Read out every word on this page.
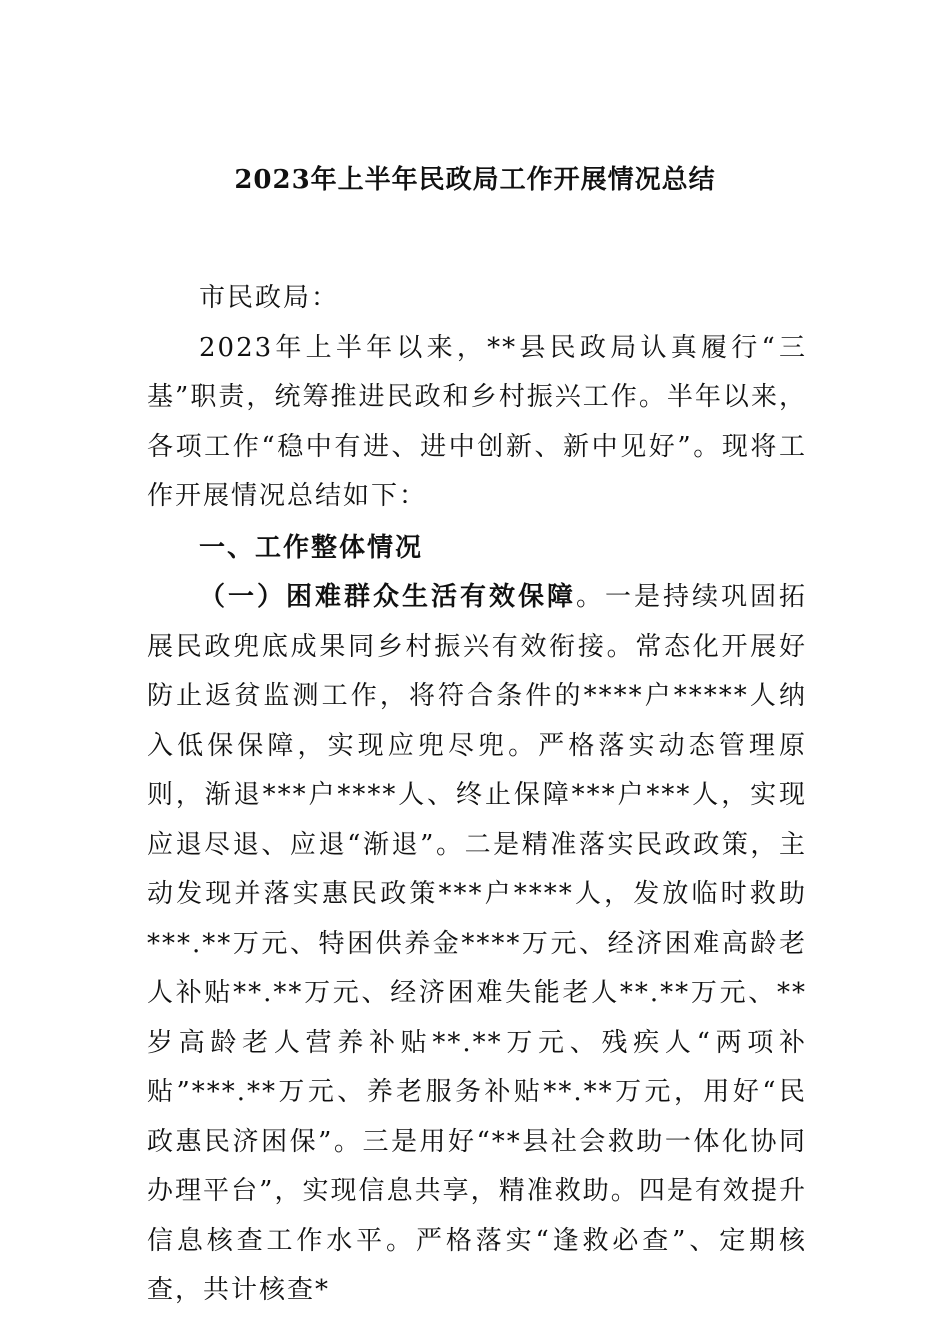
2023年上半年民政局工作开展情况总结

市民政局：

2023年上半年以来，**县民政局认真履行“三基”职责，统筹推进民政和乡村振兴工作。半年以来，各项工作“稳中有进、进中创新、新中见好”。现将工作开展情况总结如下：

一、工作整体情况

（一）困难群众生活有效保障。一是持续巩固拓展民政兜底成果同乡村振兴有效衔接。常态化开展好防止返贫监测工作，将符合条件的****户*****人纳入低保保障，实现应兜尽兜。严格落实动态管理原则，渐退***户****人、终止保障***户***人，实现应退尽退、应退“渐退”。二是精准落实民政政策，主动发现并落实惠民政策***户****人，发放临时救助***.**万元、特困供养金****万元、经济困难高龄老人补贴**.**万元、经济困难失能老人**.**万元、**岁高龄老人营养补贴**.**万元、残疾人“两项补贴”***.**万元、养老服务补贴**.**万元，用好“民政惠民济困保”。三是用好“**县社会救助一体化协同办理平台”，实现信息共享，精准救助。四是有效提升信息核查工作水平。严格落实“逢救必查”、定期核查，共计核查*
